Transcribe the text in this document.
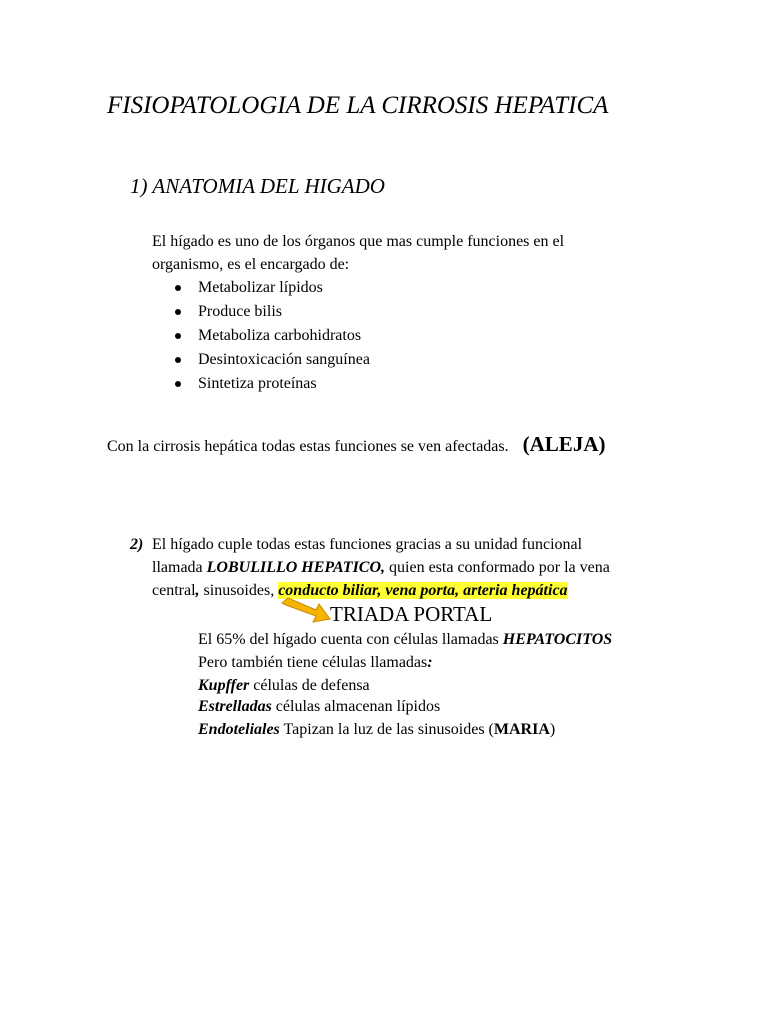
FISIOPATOLOGIA DE LA CIRROSIS HEPATICA
1) ANATOMIA DEL HIGADO
El hígado es uno de los órganos que mas cumple funciones en el
organismo, es el encargado de:
Metabolizar lípidos
Produce bilis
Metaboliza carbohidratos
Desintoxicación sanguínea
Sintetiza proteínas
Con la cirrosis hepática todas estas funciones se ven afectadas. (ALEJA)
2) El hígado cuple todas estas funciones gracias a su unidad funcional
llamada LOBULILLO HEPATICO, quien esta conformado por la vena
central, sinusoides, conducto biliar, vena porta, arteria hepática
TRIADA PORTAL
El 65% del hígado cuenta con células llamadas HEPATOCITOS
Pero también tiene células llamadas:
Kupffer células de defensa
Estrelladas células almacenan lípidos
Endoteliales Tapizan la luz de las sinusoides (MARIA)
